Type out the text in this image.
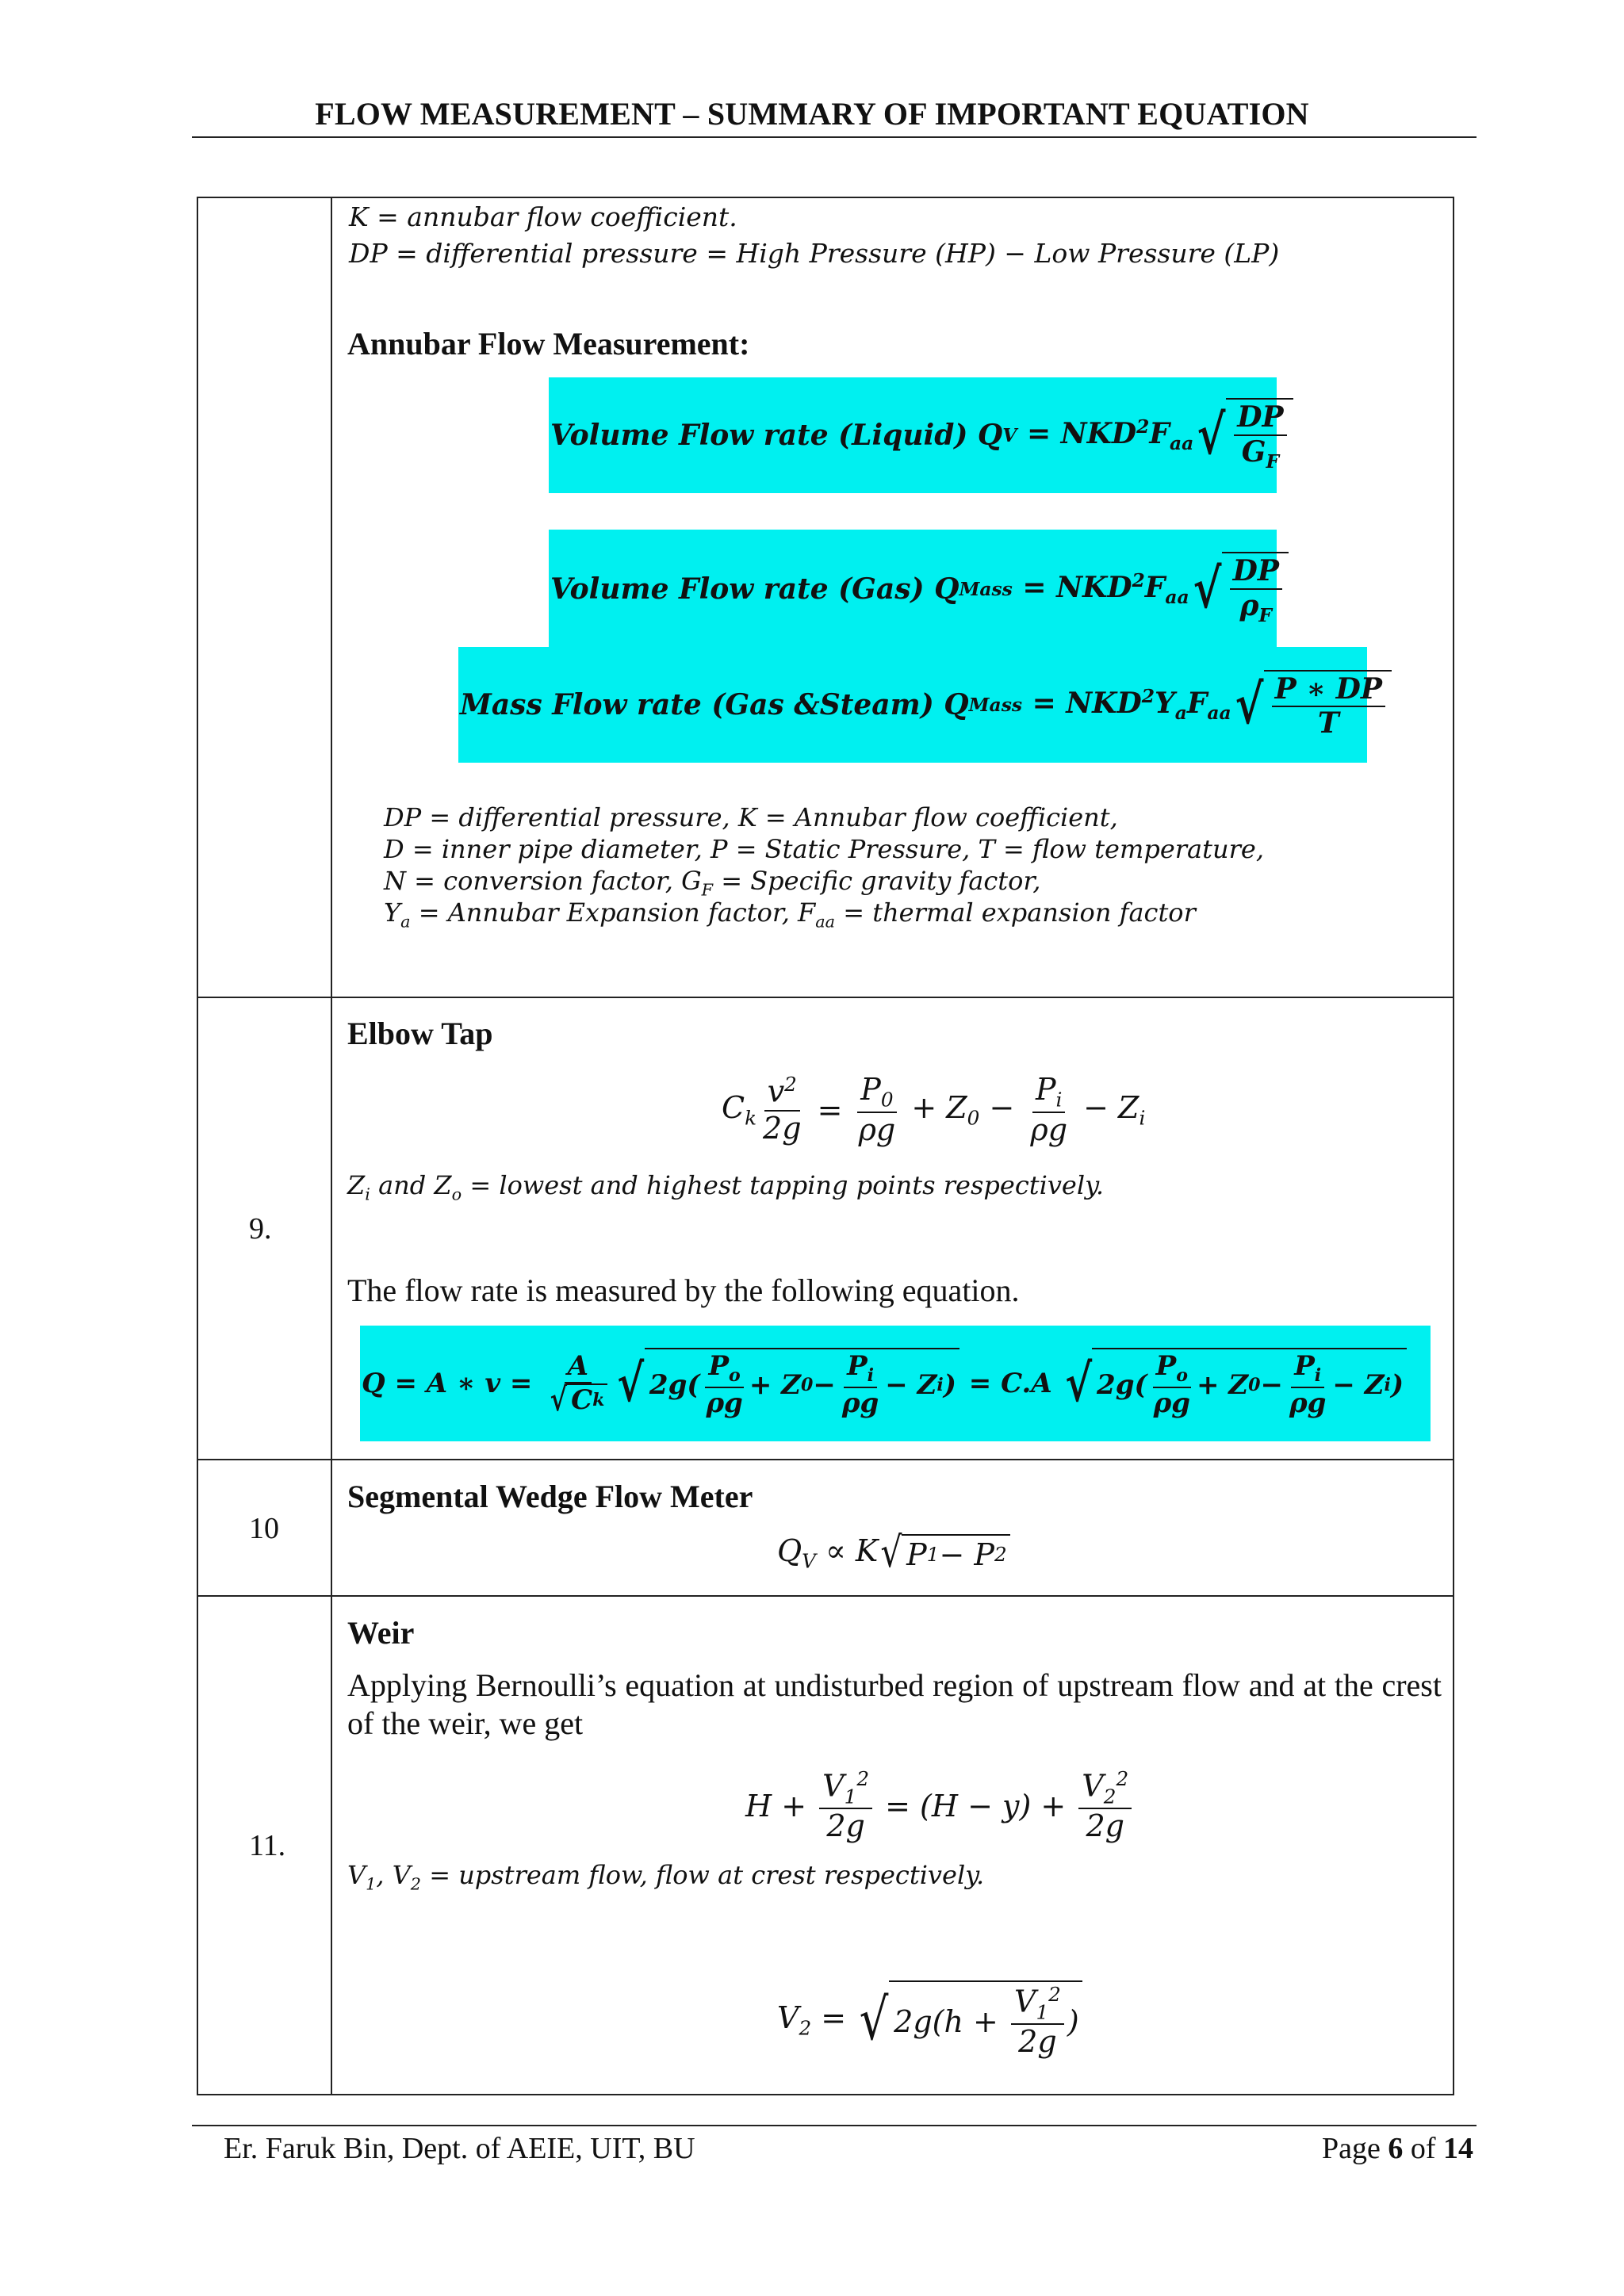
FLOW MEASUREMENT – SUMMARY OF IMPORTANT EQUATION
K = annubar flow coefficient.
DP = differential pressure = High Pressure (HP) − Low Pressure (LP)
Annubar Flow Measurement:
Volume Flow rate (Liquid) Q $V = NKD^2F_{aa}$ √ $\frac{DP}{G_F}$
Volume Flow rate (Gas) Q Mass = $NKD^2F_{aa}$ √ $\frac{DP}{\rho_F}$
Mass Flow rate (Gas &Steam) Q Mass = $NKD^2Y_aF_{aa}$ √ $\frac{P ∗ DP}{T}$
DP = differential pressure, K = Annubar flow coefficient,
D = inner pipe diameter, P = Static Pressure, T = flow temperature,
N = conversion factor, $G_F$ = Specific gravity factor,
$Y_a$ = Annubar Expansion factor, $F_{aa}$ = thermal expansion factor
9.
Elbow Tap
$C_k \frac{v^2}{2g} = \frac{P_0}{\rho g} + Z_0 - \frac{P_i}{\rho g} - Z_i$
$Z_i$ and $Z_o$ = lowest and highest tapping points respectively.
The flow rate is measured by the following equation.
Q = A ∗ $v = \frac{A}{\text{√ C k}}$ √ $2g( \frac{P_o}{\rho g} + Z$ $0 - \frac{P_i}{\rho g} - Z$ i ) = C.A √ $2g( \frac{P_o}{\rho g} + Z$ $0 - \frac{P_i}{\rho g} - Z$ i )
10
Segmental Wedge Flow Meter
$Q_V \propto K$ √ P 1 − P 2
11.
Weir
Applying Bernoulli’s equation at undisturbed region of upstream flow and at the crest of the weir, we get
$H + \frac{V_1^2}{2g} = (H - y) + \frac{V_2^2}{2g}$
$V_1$, $V_2$ = upstream flow, flow at crest respectively.
$V_2$ = √ $2g(h + \frac{V_1^2}{2g}$ )
Er. Faruk Bin, Dept. of AEIE, UIT, BU	Page 6 of 14
